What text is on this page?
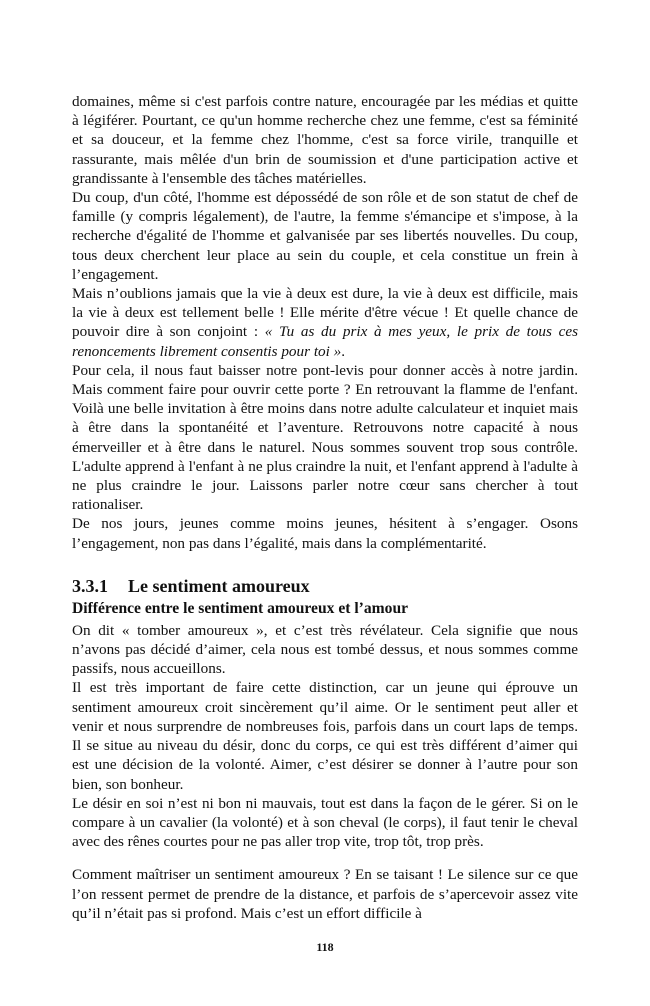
domaines, même si c'est parfois contre nature, encouragée par les médias et quitte à légiférer. Pourtant, ce qu'un homme recherche chez une femme, c'est sa féminité et sa douceur, et la femme chez l'homme, c'est sa force virile, tranquille et rassurante, mais mêlée d'un brin de soumission et d'une participation active et grandissante à l'ensemble des tâches matérielles.

Du coup, d'un côté, l'homme est dépossédé de son rôle et de son statut de chef de famille (y compris légalement), de l'autre, la femme s'émancipe et s'impose, à la recherche d'égalité de l'homme et galvanisée par ses libertés nouvelles. Du coup, tous deux cherchent leur place au sein du couple, et cela constitue un frein à l’engagement.

Mais n’oublions jamais que la vie à deux est dure, la vie à deux est difficile, mais la vie à deux est tellement belle ! Elle mérite d'être vécue ! Et quelle chance de pouvoir dire à son conjoint : « Tu as du prix à mes yeux, le prix de tous ces renoncements librement consentis pour toi ».

Pour cela, il nous faut baisser notre pont-levis pour donner accès à notre jardin. Mais comment faire pour ouvrir cette porte ? En retrouvant la flamme de l'enfant. Voilà une belle invitation à être moins dans notre adulte calculateur et inquiet mais à être dans la spontanéité et l’aventure. Retrouvons notre capacité à nous émerveiller et à être dans le naturel. Nous sommes souvent trop sous contrôle. L'adulte apprend à l'enfant à ne plus craindre la nuit, et l'enfant apprend à l'adulte à ne plus craindre le jour. Laissons parler notre cœur sans chercher à tout rationaliser.

De nos jours, jeunes comme moins jeunes, hésitent à s’engager. Osons l’engagement, non pas dans l’égalité, mais dans la complémentarité.

3.3.1 Le sentiment amoureux
Différence entre le sentiment amoureux et l’amour

On dit « tomber amoureux », et c’est très révélateur. Cela signifie que nous n’avons pas décidé d’aimer, cela nous est tombé dessus, et nous sommes comme passifs, nous accueillons.

Il est très important de faire cette distinction, car un jeune qui éprouve un sentiment amoureux croit sincèrement qu’il aime. Or le sentiment peut aller et venir et nous surprendre de nombreuses fois, parfois dans un court laps de temps. Il se situe au niveau du désir, donc du corps, ce qui est très différent d’aimer qui est une décision de la volonté. Aimer, c’est désirer se donner à l’autre pour son bien, son bonheur.

Le désir en soi n’est ni bon ni mauvais, tout est dans la façon de le gérer. Si on le compare à un cavalier (la volonté) et à son cheval (le corps), il faut tenir le cheval avec des rênes courtes pour ne pas aller trop vite, trop tôt, trop près.

Comment maîtriser un sentiment amoureux ? En se taisant ! Le silence sur ce que l’on ressent permet de prendre de la distance, et parfois de s’apercevoir assez vite qu’il n’était pas si profond. Mais c’est un effort difficile à

118
